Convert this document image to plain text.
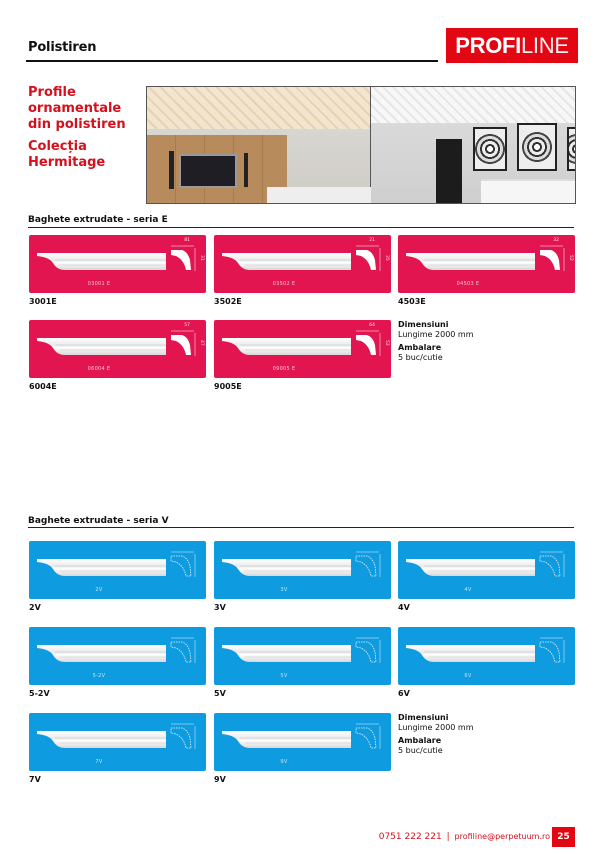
Polistiren	PROFILINE

Profile ornamentale din polistiren

Colecția Hermitage

Baghete extrudate - seria E
03001 E
81
31
3001E
03502 E
21
35
3502E
04503 E
32
52
4503E
06004 E
57
47
6004E
09005 E
64
52
9005E
Dimensiuni
Lungime 2000 mm
Ambalare
5 buc/cutie
Baghete extrudate - seria V
2V
2V
3V
3V
4V
4V
5-2V
5-2V
5V
5V
6V
6V
7V
7V
9V
9V
Dimensiuni
Lungime 2000 mm
Ambalare
5 buc/cutie
0751 222 221 | profiline@perpetuum.ro 25
